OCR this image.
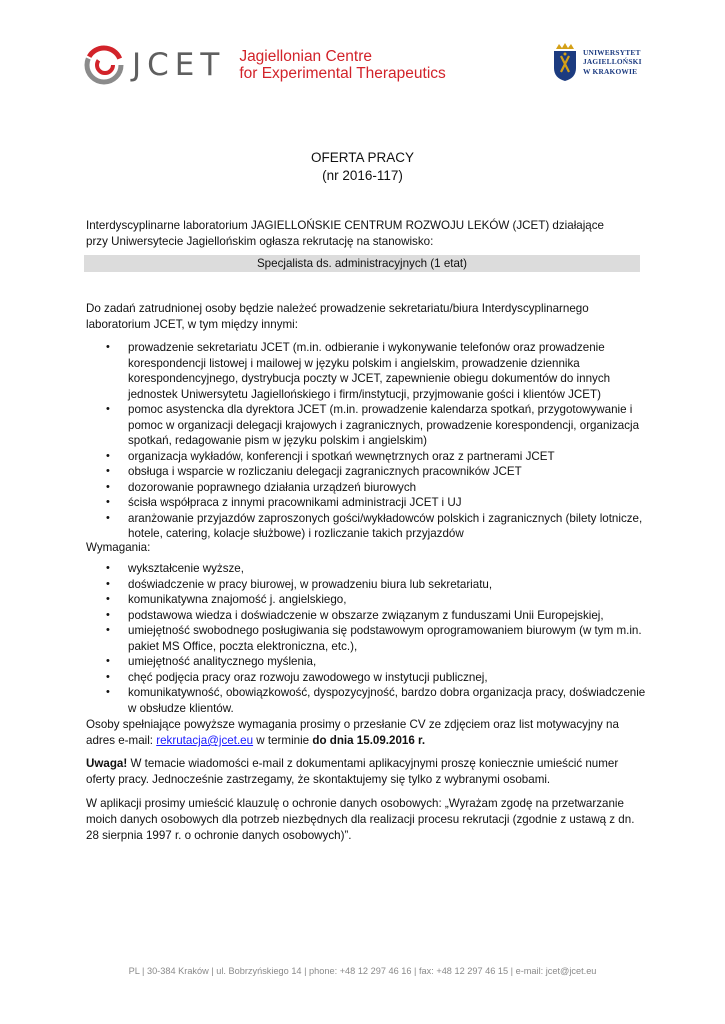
JCET Jagiellonian Centre
for Experimental Therapeutics
UNIWERSYTET
JAGIELLOŃSKI
W KRAKOWIE
OFERTA PRACY
(nr 2016-117)
Interdyscyplinarne laboratorium JAGIELLOŃSKIE CENTRUM ROZWOJU LEKÓW (JCET) działające
przy Uniwersytecie Jagiellońskim ogłasza rekrutację na stanowisko:
Specjalista ds. administracyjnych (1 etat)
Do zadań zatrudnionej osoby będzie należeć prowadzenie sekretariatu/biura Interdyscyplinarnego laboratorium JCET, w tym między innymi:
• prowadzenie sekretariatu JCET (m.in. odbieranie i wykonywanie telefonów oraz prowadzenie korespondencji listowej i mailowej w języku polskim i angielskim, prowadzenie dziennika korespondencyjnego, dystrybucja poczty w JCET, zapewnienie obiegu dokumentów do innych jednostek Uniwersytetu Jagiellońskiego i firm/instytucji, przyjmowanie gości i klientów JCET)
• pomoc asystencka dla dyrektora JCET (m.in. prowadzenie kalendarza spotkań, przygotowywanie i pomoc w organizacji delegacji krajowych i zagranicznych, prowadzenie korespondencji, organizacja spotkań, redagowanie pism w języku polskim i angielskim)
• organizacja wykładów, konferencji i spotkań wewnętrznych oraz z partnerami JCET
• obsługa i wsparcie w rozliczaniu delegacji zagranicznych pracowników JCET
• dozorowanie poprawnego działania urządzeń biurowych
• ścisła współpraca z innymi pracownikami administracji JCET i UJ
• aranżowanie przyjazdów zaproszonych gości/wykładowców polskich i zagranicznych (bilety lotnicze, hotele, catering, kolacje służbowe) i rozliczanie takich przyjazdów
Wymagania:
• wykształcenie wyższe,
• doświadczenie w pracy biurowej, w prowadzeniu biura lub sekretariatu,
• komunikatywna znajomość j. angielskiego,
• podstawowa wiedza i doświadczenie w obszarze związanym z funduszami Unii Europejskiej,
• umiejętność swobodnego posługiwania się podstawowym oprogramowaniem biurowym (w tym m.in. pakiet MS Office, poczta elektroniczna, etc.),
• umiejętność analitycznego myślenia,
• chęć podjęcia pracy oraz rozwoju zawodowego w instytucji publicznej,
• komunikatywność, obowiązkowość, dyspozycyjność, bardzo dobra organizacja pracy, doświadczenie w obsłudze klientów.
Osoby spełniające powyższe wymagania prosimy o przesłanie CV ze zdjęciem oraz list motywacyjny na adres e-mail: rekrutacja@jcet.eu w terminie do dnia 15.09.2016 r.
Uwaga! W temacie wiadomości e-mail z dokumentami aplikacyjnymi proszę koniecznie umieścić numer oferty pracy. Jednocześnie zastrzegamy, że skontaktujemy się tylko z wybranymi osobami.
W aplikacji prosimy umieścić klauzulę o ochronie danych osobowych: „Wyrażam zgodę na przetwarzanie moich danych osobowych dla potrzeb niezbędnych dla realizacji procesu rekrutacji (zgodnie z ustawą z dn. 28 sierpnia 1997 r. o ochronie danych osobowych)”.
PL | 30-384 Kraków | ul. Bobrzyńskiego 14 | phone: +48 12 297 46 16 | fax: +48 12 297 46 15 | e-mail: jcet@jcet.eu
